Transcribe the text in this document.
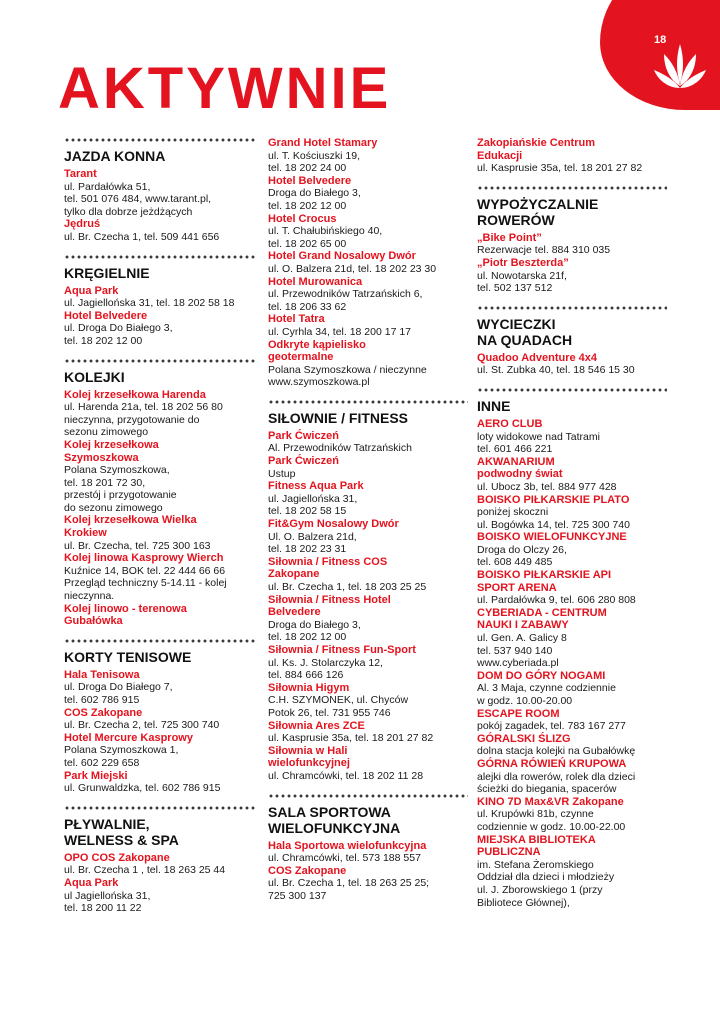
18
AKTYWNIE
JAZDA KONNA
Tarant
ul. Pardałówka 51,
tel. 501 076 484, www.tarant.pl,
tylko dla dobrze jeżdżących
Jędruś
ul. Br. Czecha 1, tel. 509 441 656
KRĘGIELNIE
Aqua Park
ul. Jagiellońska 31, tel. 18 202 58 18
Hotel Belvedere
ul. Droga Do Białego 3,
tel. 18 202 12 00
KOLEJKI
Kolej krzesełkowa Harenda
ul. Harenda 21a, tel. 18 202 56 80
nieczynna, przygotowanie do
sezonu zimowego
Kolej krzesełkowa
Szymoszkowa
Polana Szymoszkowa,
tel. 18 201 72 30,
przestój i przygotowanie
do sezonu zimowego
Kolej krzesełkowa Wielka
Krokiew
ul. Br. Czecha, tel. 725 300 163
Kolej linowa Kasprowy Wierch
Kuźnice 14, BOK tel. 22 444 66 66
Przegląd techniczny 5-14.11 - kolej
nieczynna.
Kolej linowo - terenowa
Gubałówka
KORTY TENISOWE
Hala Tenisowa
ul. Droga Do Białego 7,
tel. 602 786 915
COS Zakopane
ul. Br. Czecha 2, tel. 725 300 740
Hotel Mercure Kasprowy
Polana Szymoszkowa 1,
tel. 602 229 658
Park Miejski
ul. Grunwaldzka, tel. 602 786 915
PŁYWALNIE,
WELNESS & SPA
OPO COS Zakopane
ul. Br. Czecha 1 , tel. 18 263 25 44
Aqua Park
ul Jagiellońska 31,
tel. 18 200 11 22
Grand Hotel Stamary
ul. T. Kościuszki 19,
tel. 18 202 24 00
Hotel Belvedere
Droga do Białego 3,
tel. 18 202 12 00
Hotel Crocus
ul. T. Chałubińskiego 40,
tel. 18 202 65 00
Hotel Grand Nosalowy Dwór
ul. O. Balzera 21d, tel. 18 202 23 30
Hotel Murowanica
ul. Przewodników Tatrzańskich 6,
tel. 18 206 33 62
Hotel Tatra
ul. Cyrhla 34, tel. 18 200 17 17
Odkryte kąpielisko
geotermalne
Polana Szymoszkowa / nieczynne
www.szymoszkowa.pl
SIŁOWNIE / FITNESS
Park Ćwiczeń
Al. Przewodników Tatrzańskich
Park Ćwiczeń
Ustup
Fitness Aqua Park
ul. Jagiellońska 31,
tel. 18 202 58 15
Fit&Gym Nosalowy Dwór
Ul. O. Balzera 21d,
tel. 18 202 23 31
Siłownia / Fitness COS
Zakopane
ul. Br. Czecha 1, tel. 18 203 25 25
Siłownia / Fitness Hotel
Belvedere
Droga do Białego 3,
tel. 18 202 12 00
Siłownia / Fitness Fun-Sport
ul. Ks. J. Stolarczyka 12,
tel. 884 666 126
Siłownia Higym
C.H. SZYMONEK, ul. Chyców
Potok 26, tel. 731 955 746
Siłownia Ares ZCE
ul. Kasprusie 35a, tel. 18 201 27 82
Siłownia w Hali
wielofunkcyjnej
ul. Chramcówki, tel. 18 202 11 28
SALA SPORTOWA
WIELOFUNKCYJNA
Hala Sportowa wielofunkcyjna
ul. Chramcówki, tel. 573 188 557
COS Zakopane
ul. Br. Czecha 1, tel. 18 263 25 25;
725 300 137
Zakopiańskie Centrum
Edukacji
ul. Kasprusie 35a, tel. 18 201 27 82
WYPOŻYCZALNIE
ROWERÓW
„Bike Point”
Rezerwacje tel. 884 310 035
„Piotr Beszterda”
ul. Nowotarska 21f,
tel. 502 137 512
WYCIECZKI
NA QUADACH
Quadoo Adventure 4x4
ul. St. Zubka 40, tel. 18 546 15 30
INNE
AERO CLUB
loty widokowe nad Tatrami
tel. 601 466 221
AKWANARIUM
podwodny świat
ul. Ubocz 3b, tel. 884 977 428
BOISKO PIŁKARSKIE PLATO
poniżej skoczni
ul. Bogówka 14, tel. 725 300 740
BOISKO WIELOFUNKCYJNE
Droga do Olczy 26,
tel. 608 449 485
BOISKO PIŁKARSKIE API
SPORT ARENA
ul. Pardałówka 9, tel. 606 280 808
CYBERIADA - CENTRUM
NAUKI I ZABAWY
ul. Gen. A. Galicy 8
tel. 537 940 140
www.cyberiada.pl
DOM DO GÓRY NOGAMI
Al. 3 Maja, czynne codziennie
w godz. 10.00-20.00
ESCAPE ROOM
pokój zagadek, tel. 783 167 277
GÓRALSKI ŚLIZG
dolna stacja kolejki na Gubałówkę
GÓRNA RÓWIEŃ KRUPOWA
alejki dla rowerów, rolek dla dzieci
ścieżki do biegania, spacerów
KINO 7D Max&VR Zakopane
ul. Krupówki 81b, czynne
codziennie w godz. 10.00-22.00
MIEJSKA BIBLIOTEKA
PUBLICZNA
im. Stefana Żeromskiego
Oddział dla dzieci i młodzieży
ul. J. Zborowskiego 1 (przy
Bibliotece Głównej),
